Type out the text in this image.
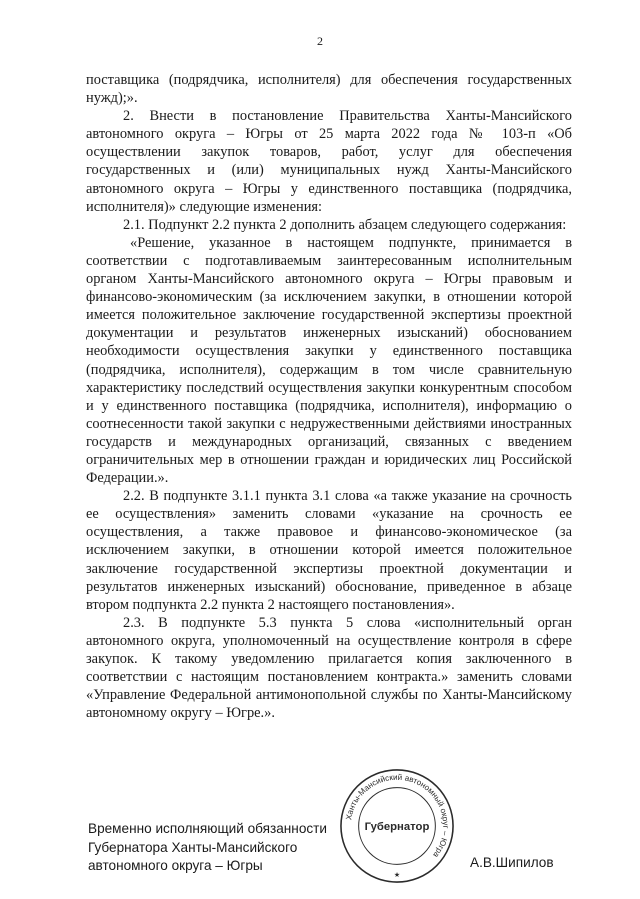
2

поставщика (подрядчика, исполнителя) для обеспечения государственных нужд);».

2. Внести в постановление Правительства Ханты-Мансийского автономного округа – Югры от 25 марта 2022 года № 103-п «Об осуществлении закупок товаров, работ, услуг для обеспечения государственных и (или) муниципальных нужд Ханты-Мансийского автономного округа – Югры у единственного поставщика (подрядчика, исполнителя)» следующие изменения:

2.1. Подпункт 2.2 пункта 2 дополнить абзацем следующего содержания:

«Решение, указанное в настоящем подпункте, принимается в соответствии с подготавливаемым заинтересованным исполнительным органом Ханты-Мансийского автономного округа – Югры правовым и финансово-экономическим (за исключением закупки, в отношении которой имеется положительное заключение государственной экспертизы проектной документации и результатов инженерных изысканий) обоснованием необходимости осуществления закупки у единственного поставщика (подрядчика, исполнителя), содержащим в том числе сравнительную характеристику последствий осуществления закупки конкурентным способом и у единственного поставщика (подрядчика, исполнителя), информацию о соотнесенности такой закупки с недружественными действиями иностранных государств и международных организаций, связанных с введением ограничительных мер в отношении граждан и юридических лиц Российской Федерации.».

2.2. В подпункте 3.1.1 пункта 3.1 слова «а также указание на срочность ее осуществления» заменить словами «указание на срочность ее осуществления, а также правовое и финансово-экономическое (за исключением закупки, в отношении которой имеется положительное заключение государственной экспертизы проектной документации и результатов инженерных изысканий) обоснование, приведенное в абзаце втором подпункта 2.2 пункта 2 настоящего постановления».

2.3. В подпункте 5.3 пункта 5 слова «исполнительный орган автономного округа, уполномоченный на осуществление контроля в сфере закупок. К такому уведомлению прилагается копия заключенного в соответствии с настоящим постановлением контракта.» заменить словами «Управление Федеральной антимонопольной службы по Ханты-Мансийскому автономному округу – Югре.».

Временно исполняющий обязанности
Губернатора Ханты-Мансийского
автономного округа – Югры
Ханты-Мансийский автономный округ – Югра
Губернатор
★
А.В.Шипилов
